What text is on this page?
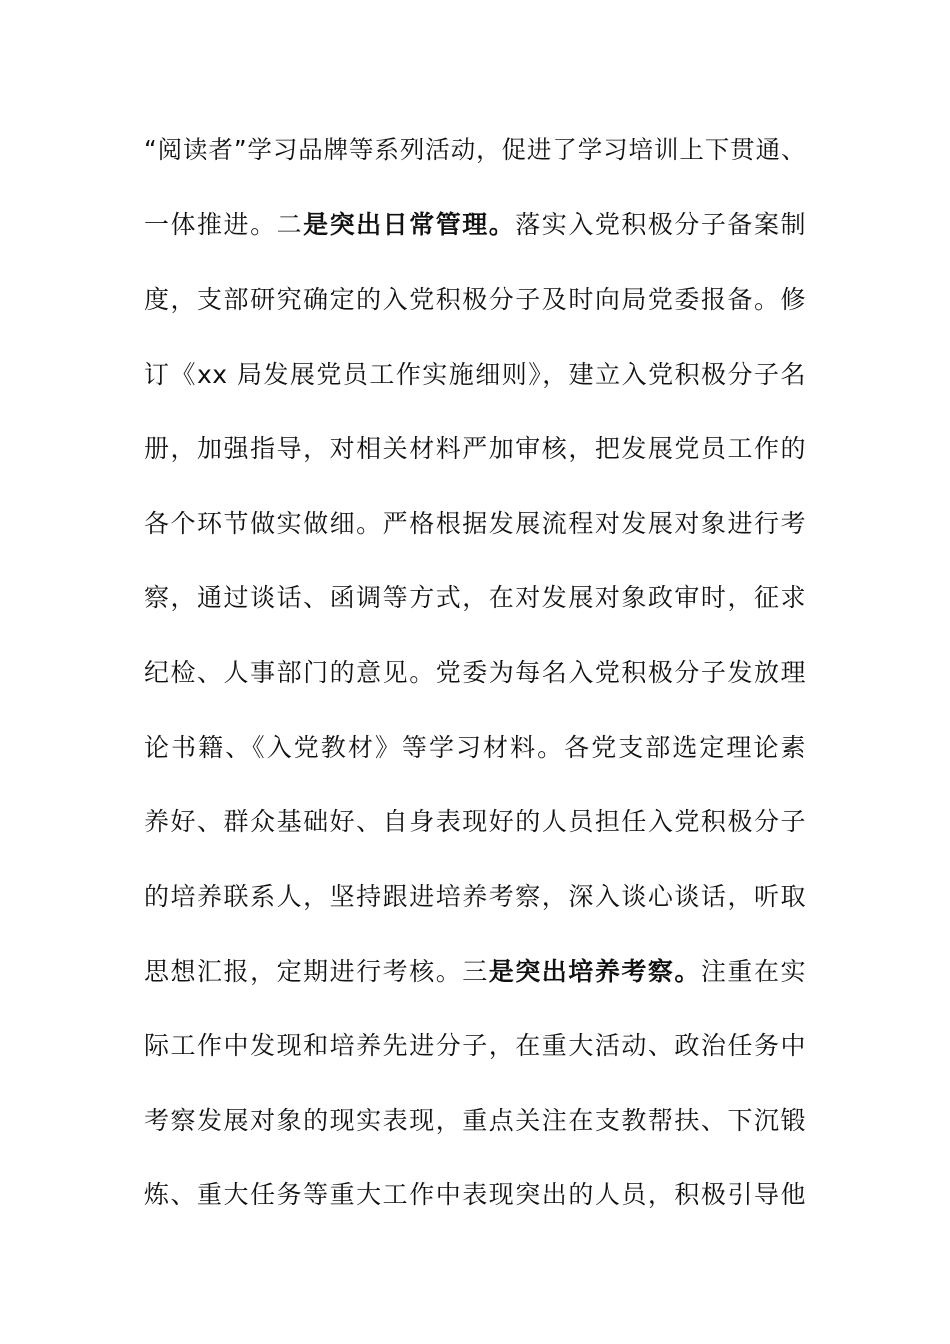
“阅读者”学习品牌等系列活动，促进了学习培训上下贯通、
一体推进。二是突出日常管理。落实入党积极分子备案制
度，支部研究确定的入党积极分子及时向局党委报备。修
订《xx 局发展党员工作实施细则》，建立入党积极分子名
册，加强指导，对相关材料严加审核，把发展党员工作的
各个环节做实做细。严格根据发展流程对发展对象进行考
察，通过谈话、函调等方式，在对发展对象政审时，征求
纪检、人事部门的意见。党委为每名入党积极分子发放理
论书籍、《入党教材》等学习材料。各党支部选定理论素
养好、群众基础好、自身表现好的人员担任入党积极分子
的培养联系人，坚持跟进培养考察，深入谈心谈话，听取
思想汇报，定期进行考核。三是突出培养考察。注重在实
际工作中发现和培养先进分子，在重大活动、政治任务中
考察发展对象的现实表现，重点关注在支教帮扶、下沉锻
炼、重大任务等重大工作中表现突出的人员，积极引导他
